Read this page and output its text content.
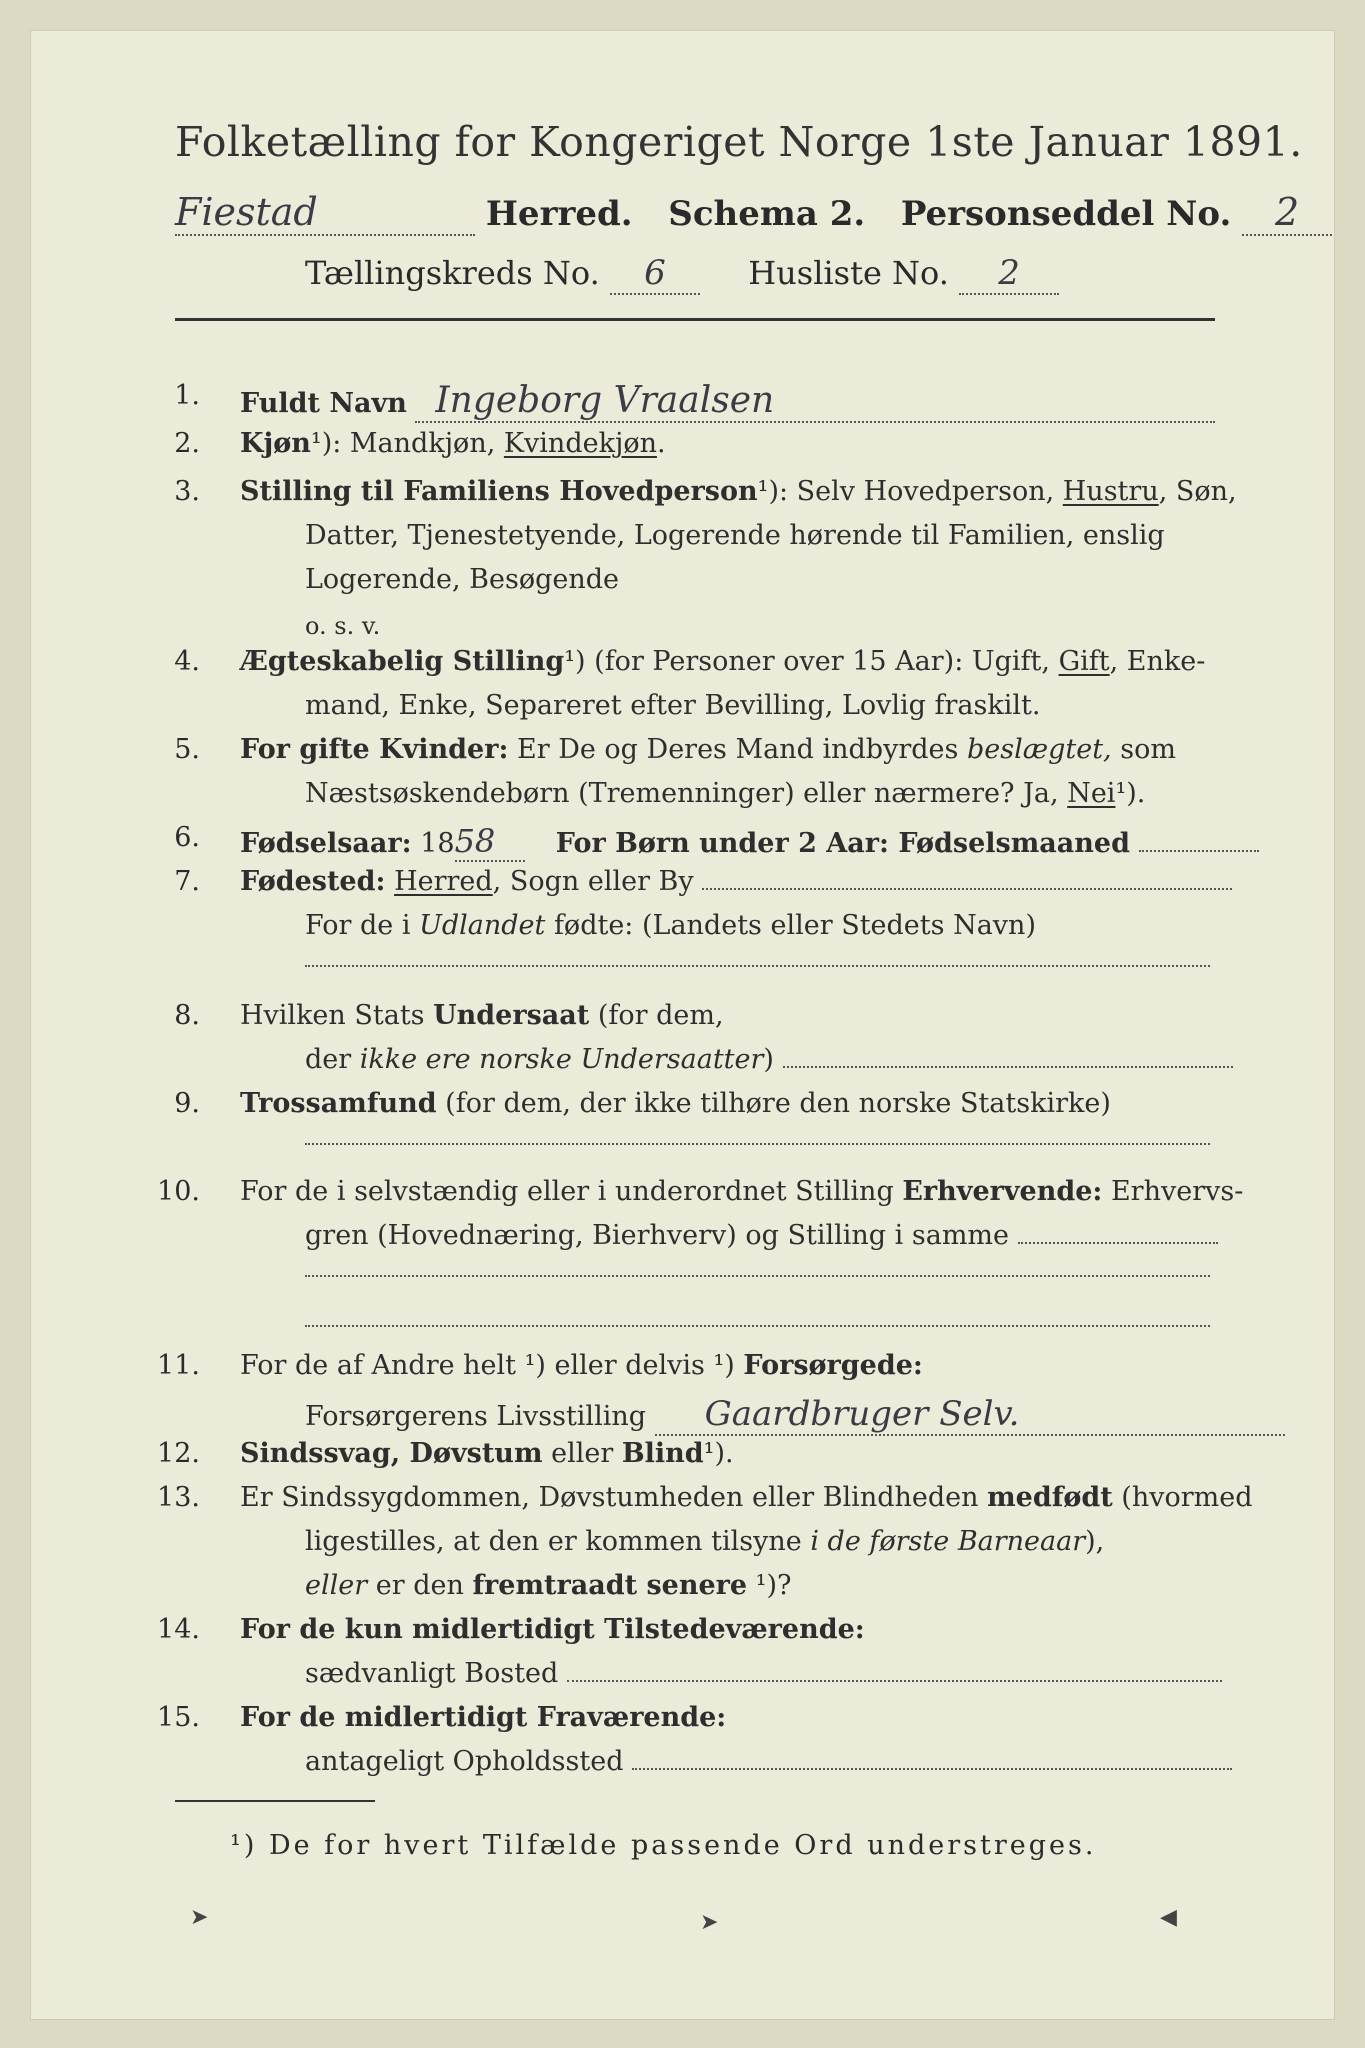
Folketælling for Kongeriget Norge 1ste Januar 1891.
Fiestad	Herred. Schema 2. Personseddel No. 2
Tællingskreds No. 6	Husliste No. 2
1. Fuldt Navn Ingeborg Vraalsen
2. Kjøn¹): Mandkjøn, Kvindekjøn.
3. Stilling til Familiens Hovedperson¹): Selv Hovedperson, Hustru, Søn,
Datter, Tjenestetyende, Logerende hørende til Familien, enslig
Logerende, Besøgende
o. s. v.
4. Ægteskabelig Stilling¹) (for Personer over 15 Aar): Ugift, Gift, Enke-
mand, Enke, Separeret efter Bevilling, Lovlig fraskilt.
5. For gifte Kvinder: Er De og Deres Mand indbyrdes beslægtet, som
Næstsøskendebørn (Tremenninger) eller nærmere? Ja, Nei¹).
6. Fødselsaar: 1858 For Børn under 2 Aar: Fødselsmaaned
7. Fødested: Herred, Sogn eller By
For de i Udlandet fødte: (Landets eller Stedets Navn)
8. Hvilken Stats Undersaat (for dem,
der ikke ere norske Undersaatter)
9. Trossamfund (for dem, der ikke tilhøre den norske Statskirke)
10. For de i selvstændig eller i underordnet Stilling Erhvervende: Erhvervs-
gren (Hovednæring, Bierhverv) og Stilling i samme
11. For de af Andre helt ¹) eller delvis ¹) Forsørgede:
Forsørgerens Livsstilling Gaardbruger Selv.
12. Sindssvag, Døvstum eller Blind¹).
13. Er Sindssygdommen, Døvstumheden eller Blindheden medfødt (hvormed
ligestilles, at den er kommen tilsyne i de første Barneaar),
eller er den fremtraadt senere ¹)?
14. For de kun midlertidigt Tilstedeværende:
sædvanligt Bosted
15. For de midlertidigt Fraværende:
antageligt Opholdssted
¹) De for hvert Tilfælde passende Ord understreges.
➤	➤	◀
